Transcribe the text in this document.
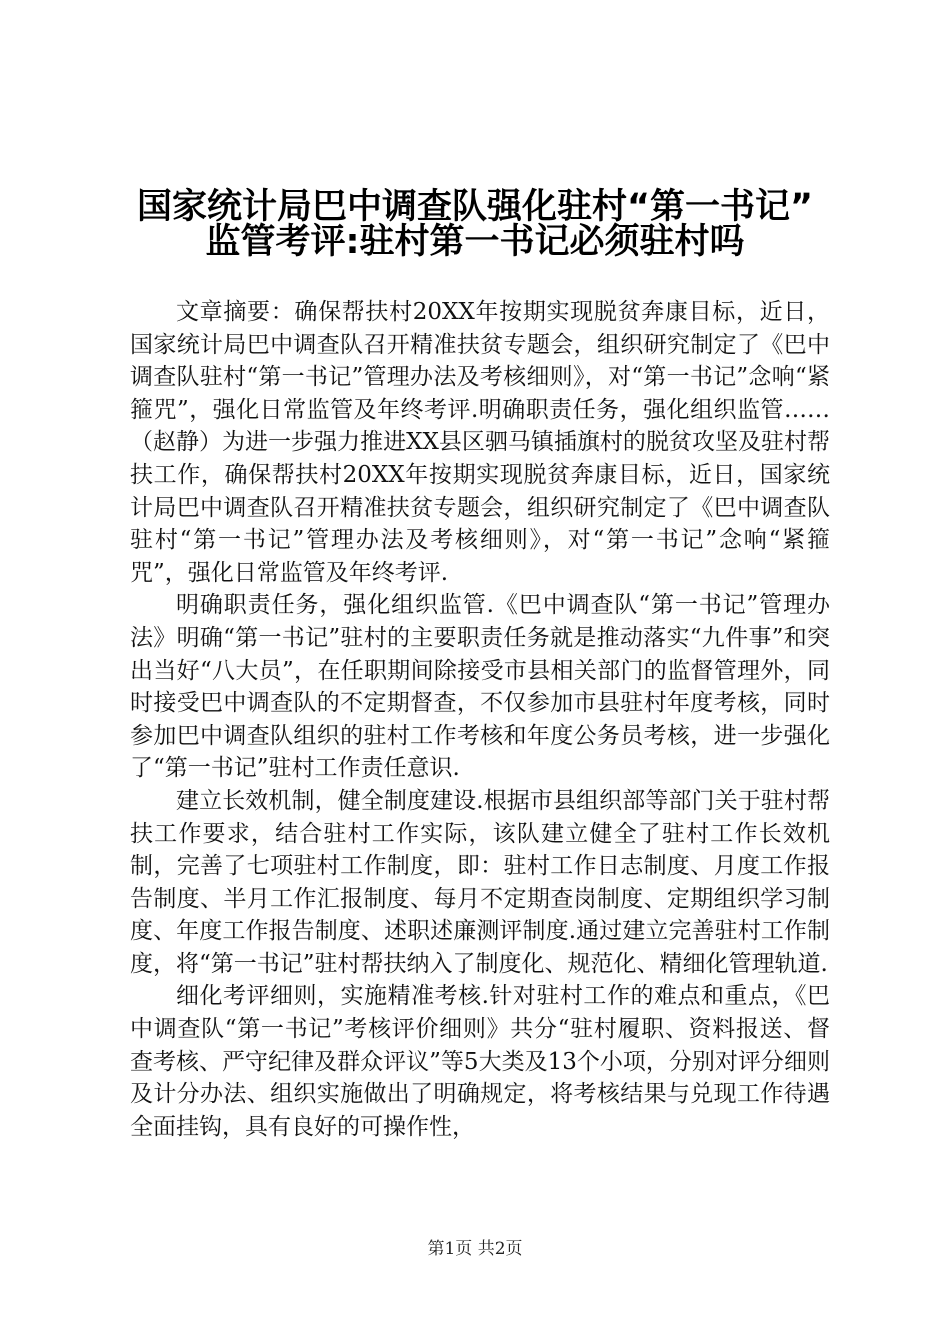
国家统计局巴中调查队强化驻村“第一书记”
监管考评:驻村第一书记必须驻村吗

文章摘要：确保帮扶村20XX年按期实现脱贫奔康目标，近日，国家统计局巴中调查队召开精准扶贫专题会，组织研究制定了《巴中调查队驻村“第一书记”管理办法及考核细则》，对“第一书记”念响“紧箍咒”，强化日常监管及年终考评.明确职责任务，强化组织监管……（赵静）为进一步强力推进XX县区驷马镇插旗村的脱贫攻坚及驻村帮扶工作，确保帮扶村20XX年按期实现脱贫奔康目标，近日，国家统计局巴中调查队召开精准扶贫专题会，组织研究制定了《巴中调查队驻村“第一书记”管理办法及考核细则》，对“第一书记”念响“紧箍咒”，强化日常监管及年终考评.

明确职责任务，强化组织监管.《巴中调查队“第一书记”管理办法》明确“第一书记”驻村的主要职责任务就是推动落实“九件事”和突出当好“八大员”，在任职期间除接受市县相关部门的监督管理外，同时接受巴中调查队的不定期督查，不仅参加市县驻村年度考核，同时参加巴中调查队组织的驻村工作考核和年度公务员考核，进一步强化了“第一书记”驻村工作责任意识.

建立长效机制，健全制度建设.根据市县组织部等部门关于驻村帮扶工作要求，结合驻村工作实际，该队建立健全了驻村工作长效机制，完善了七项驻村工作制度，即：驻村工作日志制度、月度工作报告制度、半月工作汇报制度、每月不定期查岗制度、定期组织学习制度、年度工作报告制度、述职述廉测评制度.通过建立完善驻村工作制度，将“第一书记”驻村帮扶纳入了制度化、规范化、精细化管理轨道.

细化考评细则，实施精准考核.针对驻村工作的难点和重点，《巴中调查队“第一书记”考核评价细则》共分“驻村履职、资料报送、督查考核、严守纪律及群众评议”等5大类及13个小项，分别对评分细则及计分办法、组织实施做出了明确规定，将考核结果与兑现工作待遇全面挂钩，具有良好的可操作性，

第1页 共2页
